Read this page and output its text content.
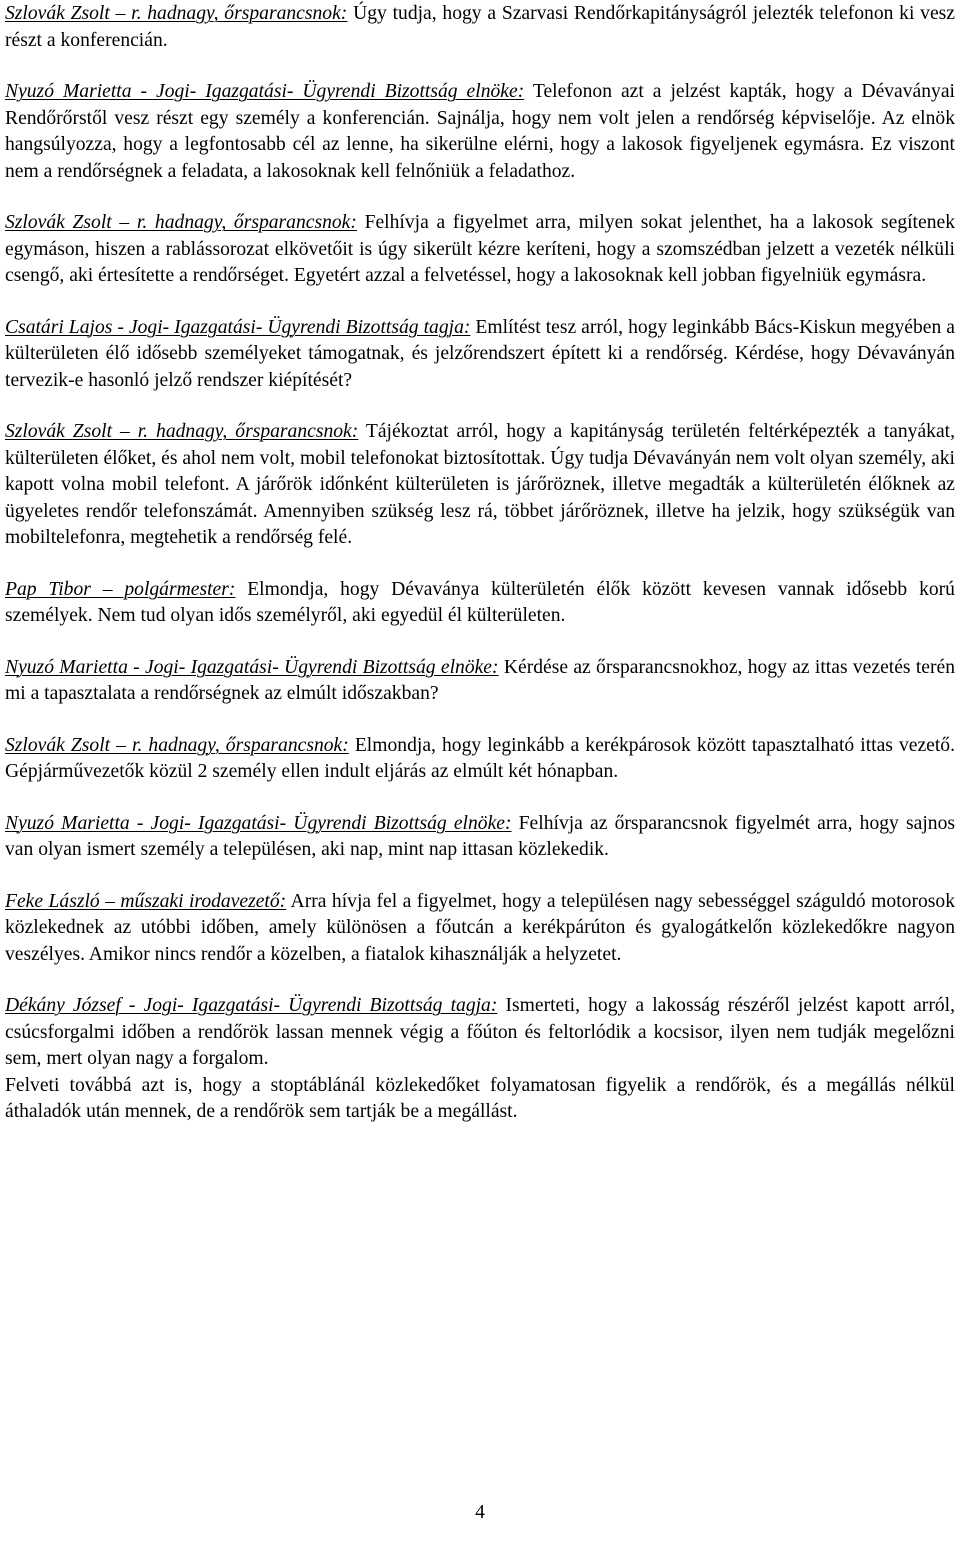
Szlovák Zsolt – r. hadnagy, őrsparancsnok: Úgy tudja, hogy a Szarvasi Rendőrkapitányságról jelezték telefonon ki vesz részt a konferencián.

Nyuzó Marietta - Jogi- Igazgatási- Ügyrendi Bizottság elnöke: Telefonon azt a jelzést kapták, hogy a Dévaványai Rendőrőrstől vesz részt egy személy a konferencián. Sajnálja, hogy nem volt jelen a rendőrség képviselője. Az elnök hangsúlyozza, hogy a legfontosabb cél az lenne, ha sikerülne elérni, hogy a lakosok figyeljenek egymásra. Ez viszont nem a rendőrségnek a feladata, a lakosoknak kell felnőniük a feladathoz.

Szlovák Zsolt – r. hadnagy, őrsparancsnok: Felhívja a figyelmet arra, milyen sokat jelenthet, ha a lakosok segítenek egymáson, hiszen a rablássorozat elkövetőit is úgy sikerült kézre keríteni, hogy a szomszédban jelzett a vezeték nélküli csengő, aki értesítette a rendőrséget. Egyetért azzal a felvetéssel, hogy a lakosoknak kell jobban figyelniük egymásra.

Csatári Lajos - Jogi- Igazgatási- Ügyrendi Bizottság tagja: Említést tesz arról, hogy leginkább Bács-Kiskun megyében a külterületen élő idősebb személyeket támogatnak, és jelzőrendszert épített ki a rendőrség. Kérdése, hogy Dévaványán tervezik-e hasonló jelző rendszer kiépítését?

Szlovák Zsolt – r. hadnagy, őrsparancsnok: Tájékoztat arról, hogy a kapitányság területén feltérképezték a tanyákat, külterületen élőket, és ahol nem volt, mobil telefonokat biztosítottak. Úgy tudja Dévaványán nem volt olyan személy, aki kapott volna mobil telefont. A járőrök időnként külterületen is járőröznek, illetve megadták a külterületén élőknek az ügyeletes rendőr telefonszámát. Amennyiben szükség lesz rá, többet járőröznek, illetve ha jelzik, hogy szükségük van mobiltelefonra, megtehetik a rendőrség felé.

Pap Tibor – polgármester: Elmondja, hogy Dévaványa külterületén élők között kevesen vannak idősebb korú személyek. Nem tud olyan idős személyről, aki egyedül él külterületen.

Nyuzó Marietta - Jogi- Igazgatási- Ügyrendi Bizottság elnöke: Kérdése az őrsparancsnokhoz, hogy az ittas vezetés terén mi a tapasztalata a rendőrségnek az elmúlt időszakban?

Szlovák Zsolt – r. hadnagy, őrsparancsnok: Elmondja, hogy leginkább a kerékpárosok között tapasztalható ittas vezető. Gépjárművezetők közül 2 személy ellen indult eljárás az elmúlt két hónapban.

Nyuzó Marietta - Jogi- Igazgatási- Ügyrendi Bizottság elnöke: Felhívja az őrsparancsnok figyelmét arra, hogy sajnos van olyan ismert személy a településen, aki nap, mint nap ittasan közlekedik.

Feke László – műszaki irodavezető: Arra hívja fel a figyelmet, hogy a településen nagy sebességgel száguldó motorosok közlekednek az utóbbi időben, amely különösen a főutcán a kerékpárúton és gyalogátkelőn közlekedőkre nagyon veszélyes. Amikor nincs rendőr a közelben, a fiatalok kihasználják a helyzetet.

Dékány József - Jogi- Igazgatási- Ügyrendi Bizottság tagja: Ismerteti, hogy a lakosság részéről jelzést kapott arról, csúcsforgalmi időben a rendőrök lassan mennek végig a főúton és feltorlódik a kocsisor, ilyen nem tudják megelőzni sem, mert olyan nagy a forgalom.

Felveti továbbá azt is, hogy a stoptáblánál közlekedőket folyamatosan figyelik a rendőrök, és a megállás nélkül áthaladók után mennek, de a rendőrök sem tartják be a megállást.

4
